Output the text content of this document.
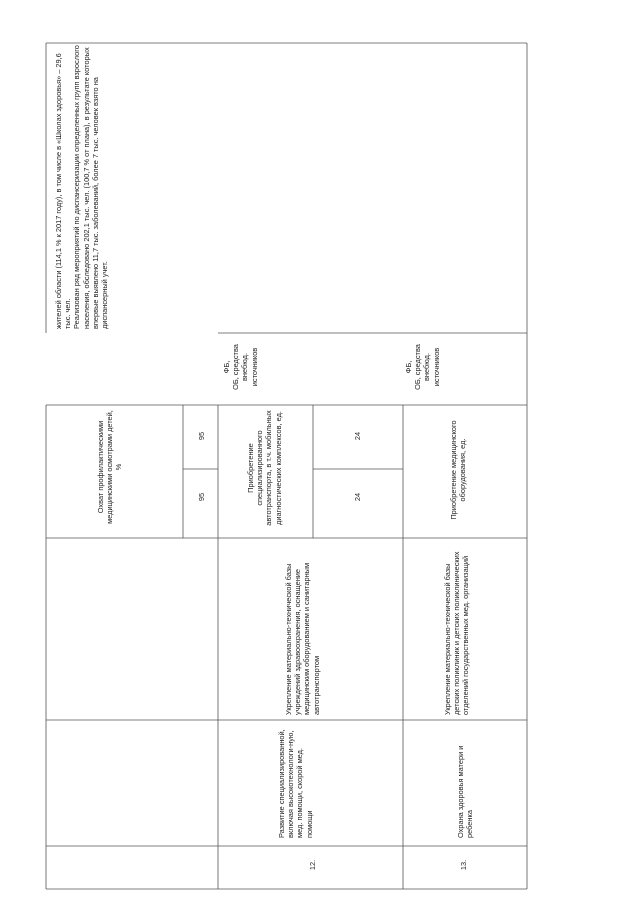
Охват профилактическими медицинскими осмотрами детей, %
95
95
жителей области (114,1 % к 2017 году), в том числе в «Школах здоровья» – 29,6 тыс. чел.
Реализован ряд мероприятий по диспансеризации определенных групп взрослого населения, обследовано 202,1 тыс. чел. (100,7 % от плана), в результате которых впервые выявлено 11,7 тыс. заболеваний, более 7 тыс. человек взято на диспансерный учет.
12.
Развитие специализированной, включая высокотехнологи-ную, мед. помощи, скорой мед. помощи
Укрепление материально-технической базы учреждений здравоохранения, оснащение медицинским оборудованием и санитарным автотранспортом
Приобретение специализированного автотранспорта, в т.ч. мобильных диагностических комплексов, ед.	24
24
ФБ,
ОБ, средства внебюд. источников
13.
Охрана здоровья матери и ребенка
Укрепление материально-технической базы детских поликлиник и детских поликлинических отделений государственных мед. организаций
Приобретение медицинского оборудования, ед.
ФБ,
ОБ, средства внебюд. источников
